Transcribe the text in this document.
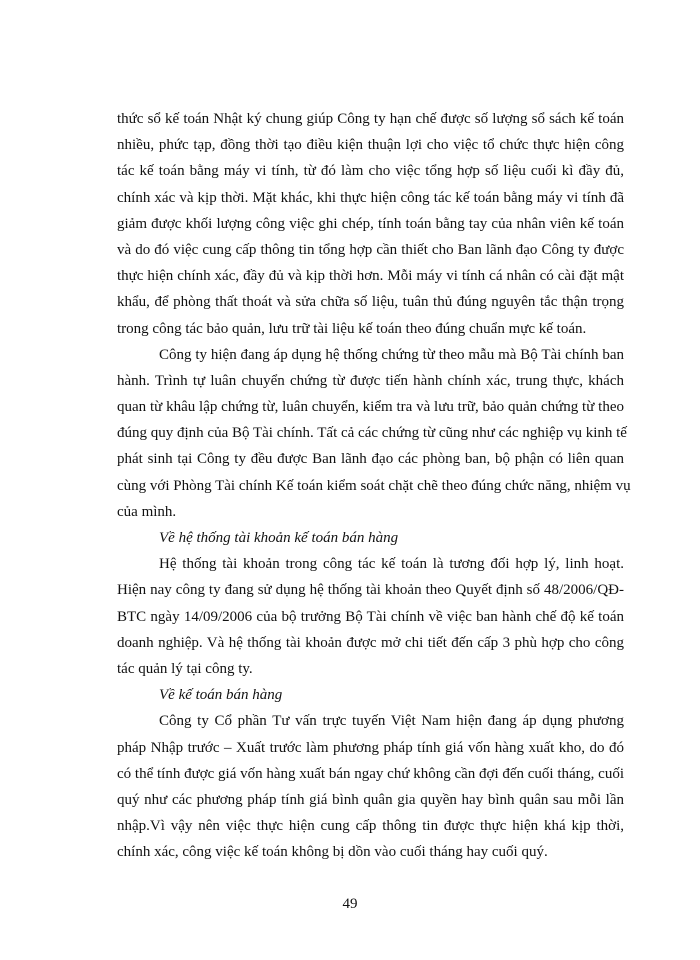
thức sổ kế toán Nhật ký chung giúp Công ty hạn chế được số lượng sổ sách kế toán
nhiều, phức tạp, đồng thời tạo điều kiện thuận lợi cho việc tổ chức thực hiện công
tác kế toán bằng máy vi tính, từ đó làm cho việc tổng hợp số liệu cuối kì đầy đủ,
chính xác và kịp thời. Mặt khác, khi thực hiện công tác kế toán bằng máy vi tính đã
giảm được khối lượng công việc ghi chép, tính toán bằng tay của nhân viên kế toán
và do đó việc cung cấp thông tin tổng hợp cần thiết cho Ban lãnh đạo Công ty được
thực hiện chính xác, đầy đủ và kịp thời hơn. Mỗi máy vi tính cá nhân có cài đặt mật
khẩu, để phòng thất thoát và sửa chữa số liệu, tuân thủ đúng nguyên tắc thận trọng
trong công tác bảo quản, lưu trữ tài liệu kế toán theo đúng chuẩn mực kế toán.
Công ty hiện đang áp dụng hệ thống chứng từ theo mẫu mà Bộ Tài chính ban
hành. Trình tự luân chuyển chứng từ được tiến hành chính xác, trung thực, khách
quan từ khâu lập chứng từ, luân chuyển, kiểm tra và lưu trữ, bảo quản chứng từ theo
đúng quy định của Bộ Tài chính. Tất cả các chứng từ cũng như các nghiệp vụ kinh tế
phát sinh tại Công ty đều được Ban lãnh đạo các phòng ban, bộ phận có liên quan
cùng với Phòng Tài chính Kế toán kiểm soát chặt chẽ theo đúng chức năng, nhiệm vụ
của mình.
Về hệ thống tài khoản kế toán bán hàng
Hệ thống tài khoản trong công tác kế toán là tương đối hợp lý, linh hoạt.
Hiện nay công ty đang sử dụng hệ thống tài khoản theo Quyết định số 48/2006/QĐ-
BTC ngày 14/09/2006 của bộ trưởng Bộ Tài chính về việc ban hành chế độ kế toán
doanh nghiệp. Và hệ thống tài khoản được mở chi tiết đến cấp 3 phù hợp cho công
tác quản lý tại công ty.
Về kế toán bán hàng
Công ty Cổ phần Tư vấn trực tuyến Việt Nam hiện đang áp dụng phương
pháp Nhập trước – Xuất trước làm phương pháp tính giá vốn hàng xuất kho, do đó
có thể tính được giá vốn hàng xuất bán ngay chứ không cần đợi đến cuối tháng, cuối
quý như các phương pháp tính giá bình quân gia quyền hay bình quân sau mỗi lần
nhập.Vì vậy nên việc thực hiện cung cấp thông tin được thực hiện khá kịp thời,
chính xác, công việc kế toán không bị dồn vào cuối tháng hay cuối quý.
49
